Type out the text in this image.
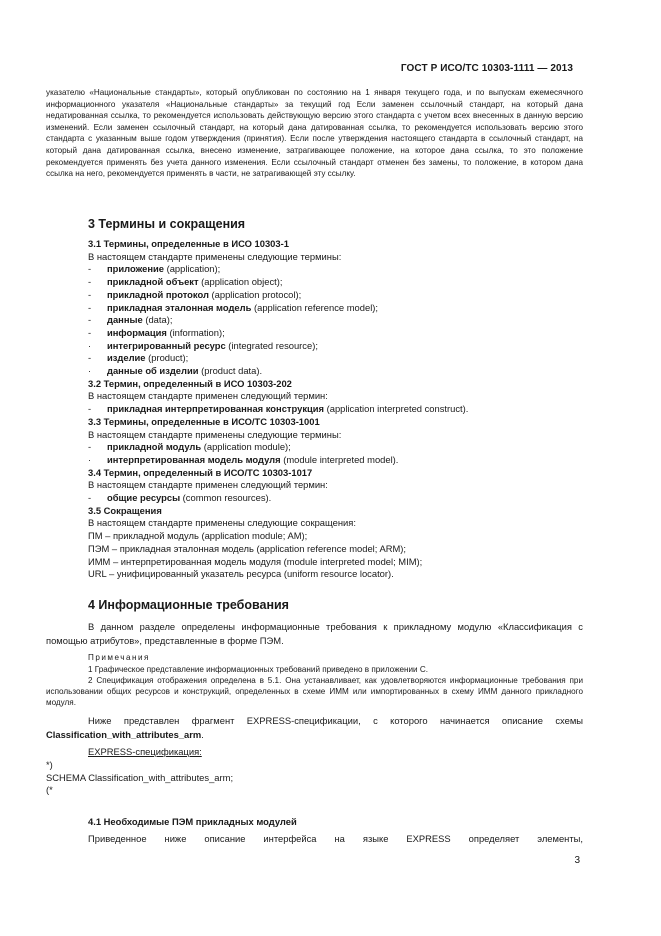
ГОСТ Р ИСО/ТС 10303-1111 — 2013
указателю «Национальные стандарты», который опубликован по состоянию на 1 января текущего года, и по выпускам ежемесячного информационного указателя «Национальные стандарты» за текущий год Если заменен ссылочный стандарт, на который дана недатированная ссылка, то рекомендуется использовать действующую версию этого стандарта с учетом всех внесенных в данную версию изменений. Если заменен ссылочный стандарт, на который дана датированная ссылка, то рекомендуется использовать версию этого стандарта с указанным выше годом утверждения (принятия). Если после утверждения настоящего стандарта в ссылочный стандарт, на который дана датированная ссылка, внесено изменение, затрагивающее положение, на которое дана ссылка, то это положение рекомендуется применять без учета данного изменения. Если ссылочный стандарт отменен без замены, то положение, в котором дана ссылка на него, рекомендуется применять в части, не затрагивающей эту ссылку.
3 Термины и сокращения
3.1 Термины, определенные в ИСО 10303-1
В настоящем стандарте применены следующие термины:
- приложение (application);
- прикладной объект (application object);
- прикладной протокол (application protocol);
- прикладная эталонная модель (application reference model);
- данные (data);
- информация (information);
· интегрированный ресурс (integrated resource);
- изделие (product);
· данные об изделии (product data).
3.2 Термин, определенный в ИСО 10303-202
В настоящем стандарте применен следующий термин:
- прикладная интерпретированная конструкция (application interpreted construct).
3.3 Термины, определенные в ИСО/ТС 10303-1001
В настоящем стандарте применены следующие термины:
- прикладной модуль (application module);
· интерпретированная модель модуля (module interpreted model).
3.4 Термин, определенный в ИСО/ТС 10303-1017
В настоящем стандарте применен следующий термин:
- общие ресурсы (common resources).
3.5 Сокращения
В настоящем стандарте применены следующие сокращения:
ПМ – прикладной модуль (application module; AM);
ПЭМ – прикладная эталонная модель (application reference model; ARM);
ИММ – интерпретированная модель модуля (module interpreted model; MIM);
URL – унифицированный указатель ресурса (uniform resource locator).
4 Информационные требования
В данном разделе определены информационные требования к прикладному модулю «Классификация с помощью атрибутов», представленные в форме ПЭМ.
Примечания
1 Графическое представление информационных требований приведено в приложении С.
2 Спецификация отображения определена в 5.1. Она устанавливает, как удовлетворяются информационные требования при использовании общих ресурсов и конструкций, определенных в схеме ИММ или импортированных в схему ИММ данного прикладного модуля.
Ниже представлен фрагмент EXPRESS-спецификации, с которого начинается описание схемы Classification_with_attributes_arm.
EXPRESS-спецификация:
*)
SCHEMA Classification_with_attributes_arm;
(*
4.1 Необходимые ПЭМ прикладных модулей
Приведенное ниже описание интерфейса на языке EXPRESS определяет элементы,
3
